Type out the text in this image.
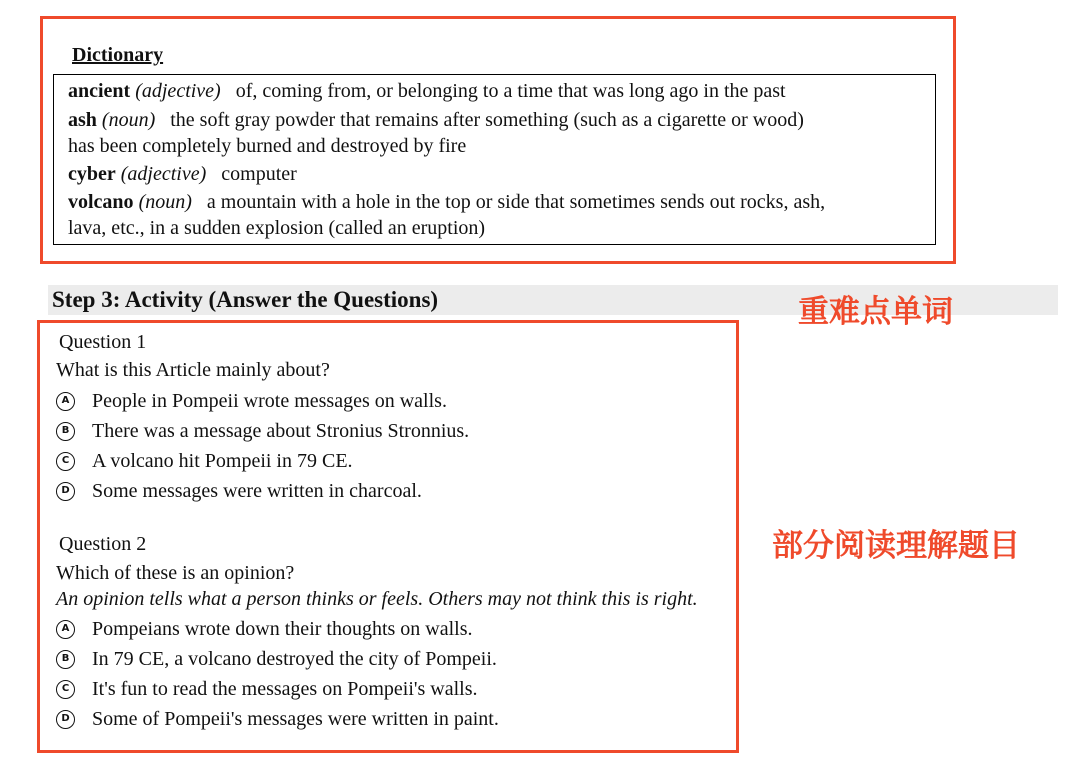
Dictionary
ancient (adjective) of, coming from, or belonging to a time that was long ago in the past
ash (noun) the soft gray powder that remains after something (such as a cigarette or wood)
has been completely burned and destroyed by fire
cyber (adjective) computer
volcano (noun) a mountain with a hole in the top or side that sometimes sends out rocks, ash,
lava, etc., in a sudden explosion (called an eruption)
Step 3: Activity (Answer the Questions)	重难点单词
部分阅读理解题目
Question 1
What is this Article mainly about?
A People in Pompeii wrote messages on walls.
B There was a message about Stronius Stronnius.
C A volcano hit Pompeii in 79 CE.
D Some messages were written in charcoal.
Question 2
Which of these is an opinion?
An opinion tells what a person thinks or feels. Others may not think this is right.
A Pompeians wrote down their thoughts on walls.
B In 79 CE, a volcano destroyed the city of Pompeii.
C It's fun to read the messages on Pompeii's walls.
D Some of Pompeii's messages were written in paint.
